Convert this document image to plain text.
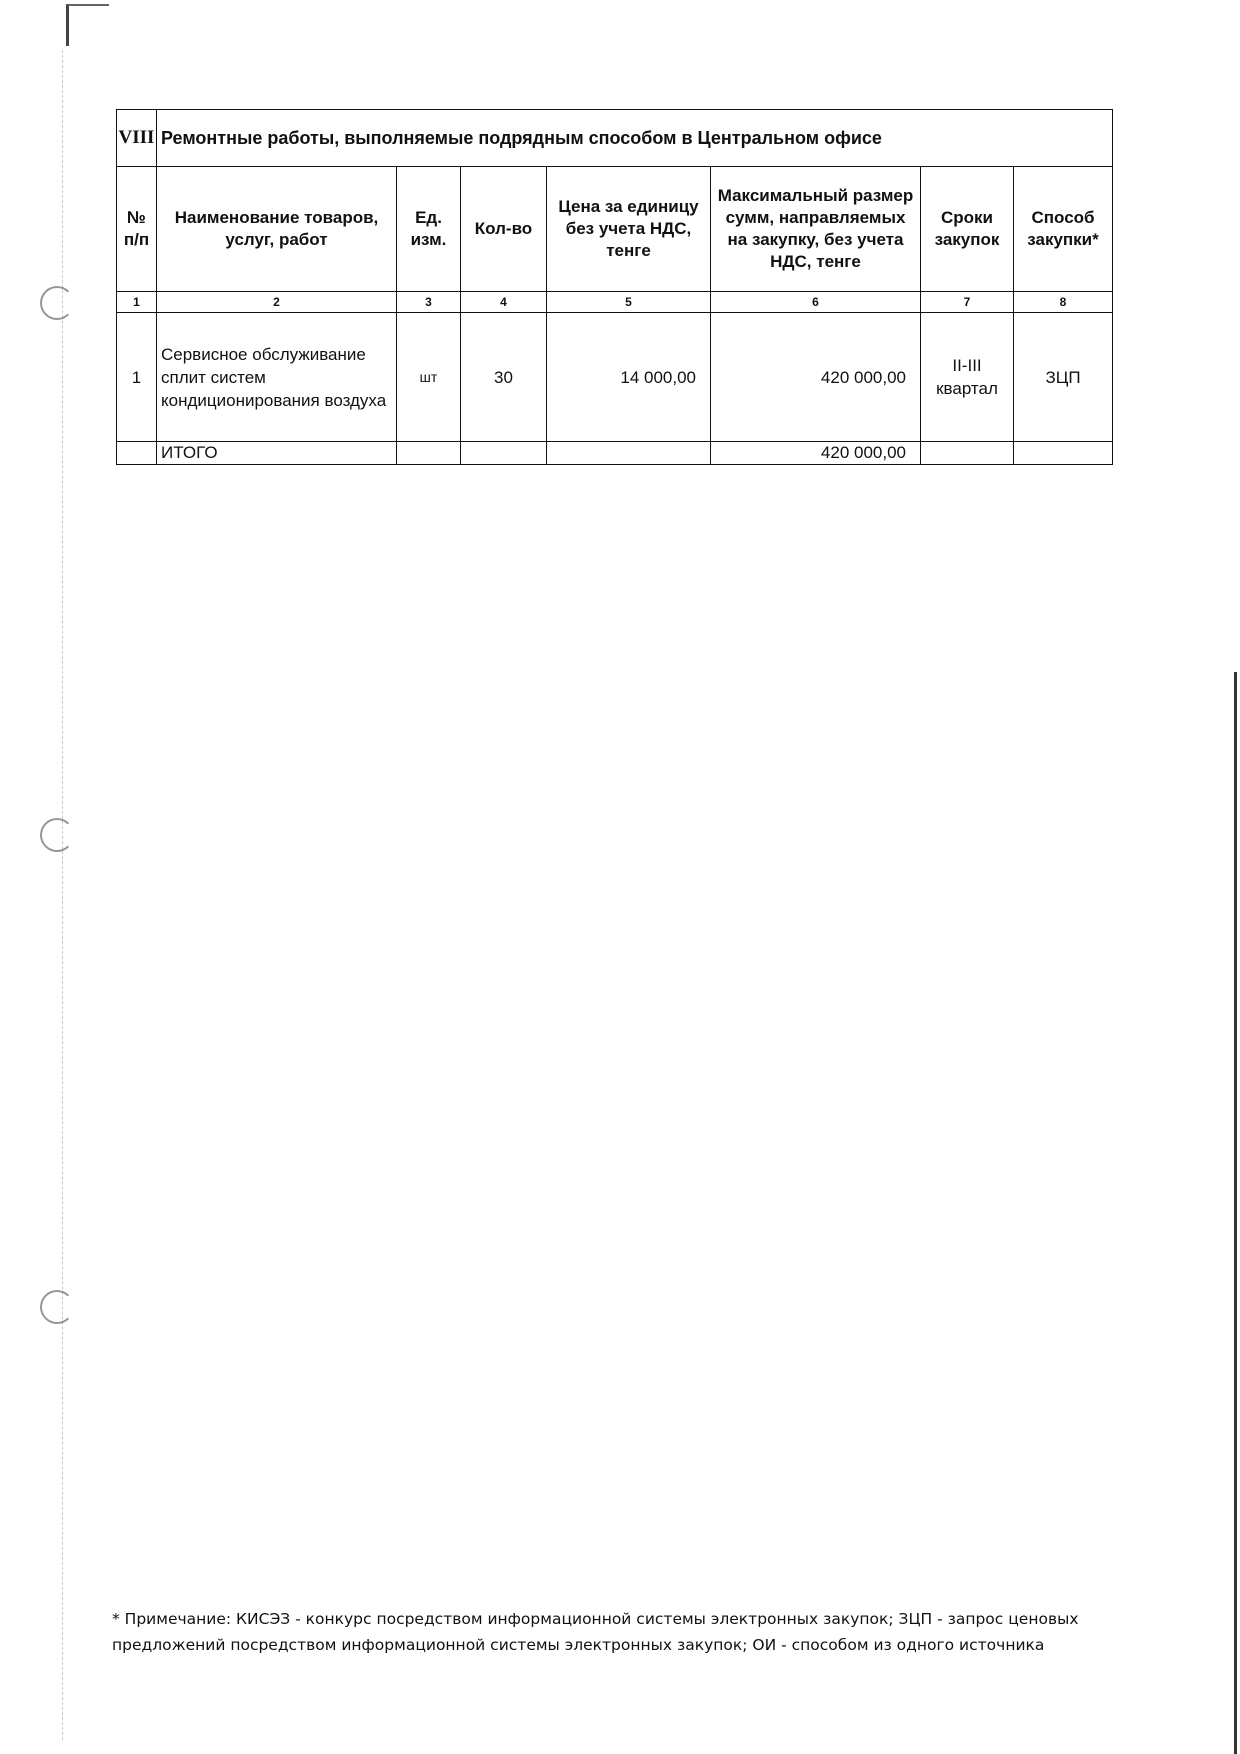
VIII	Ремонтные работы, выполняемые подрядным способом в Центральном офисе						
№ п/п	Наименование товаров, услуг, работ	Ед. изм.	Кол-во	Цена за единицу без учета НДС, тенге	Максимальный размер сумм, направляемых на закупку, без учета НДС, тенге	Сроки закупок	Способ закупки*
1	2	3	4	5	6	7	8
1	Сервисное обслуживание сплит систем кондиционирования воздуха	шт	30	14 000,00	420 000,00	II-III квартал	ЗЦП
	ИТОГО				420 000,00		
* Примечание: КИСЭЗ - конкурс посредством информационной системы электронных закупок; ЗЦП - запрос ценовых предложений посредством информационной системы электронных закупок; ОИ - способом из одного источника
